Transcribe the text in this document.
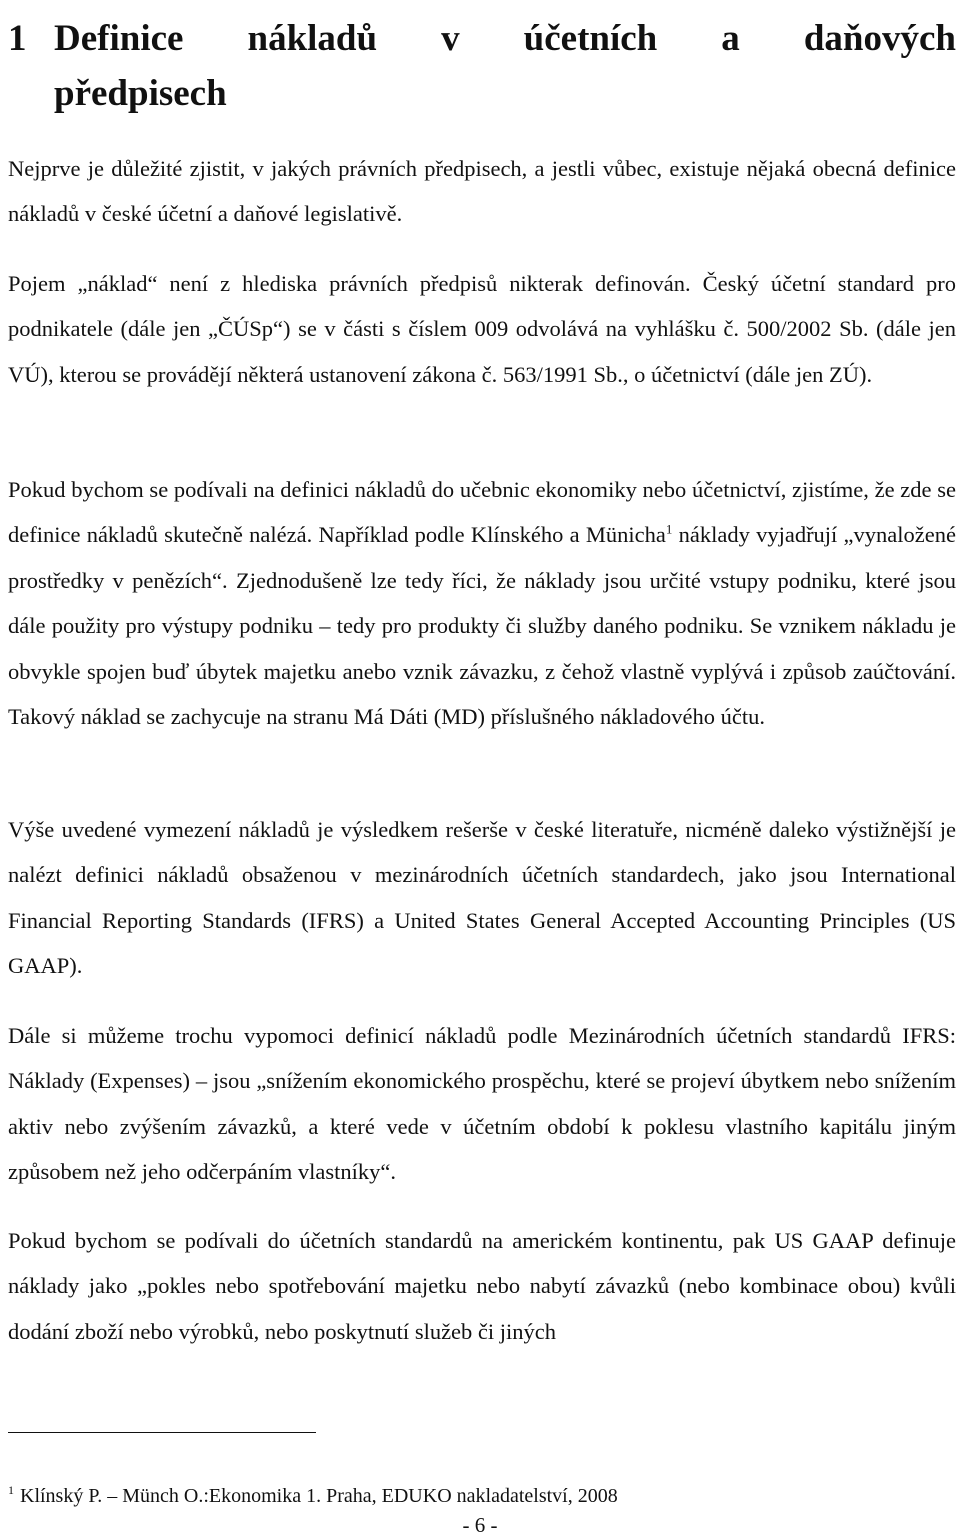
1 Definice nákladů v účetních a daňových
předpisech

Nejprve je důležité zjistit, v jakých právních předpisech, a jestli vůbec, existuje nějaká obecná definice nákladů v české účetní a daňové legislativě.

Pojem „náklad“ není z hlediska právních předpisů nikterak definován. Český účetní standard pro podnikatele (dále jen „ČÚSp“) se v části s číslem 009 odvolává na vyhlášku č. 500/2002 Sb. (dále jen VÚ), kterou se provádějí některá ustanovení zákona č. 563/1991 Sb., o účetnictví (dále jen ZÚ).

Pokud bychom se podívali na definici nákladů do učebnic ekonomiky nebo účetnictví, zjistíme, že zde se definice nákladů skutečně nalézá. Například podle Klínského a Münicha$^1$ náklady vyjadřují „vynaložené prostředky v penězích“. Zjednodušeně lze tedy říci, že náklady jsou určité vstupy podniku, které jsou dále použity pro výstupy podniku – tedy pro produkty či služby daného podniku. Se vznikem nákladu je obvykle spojen buď úbytek majetku anebo vznik závazku, z čehož vlastně vyplývá i způsob zaúčtování. Takový náklad se zachycuje na stranu Má Dáti (MD) příslušného nákladového účtu.

Výše uvedené vymezení nákladů je výsledkem rešerše v české literatuře, nicméně daleko výstižnější je nalézt definici nákladů obsaženou v mezinárodních účetních standardech, jako jsou International Financial Reporting Standards (IFRS) a United States General Accepted Accounting Principles (US GAAP).

Dále si můžeme trochu vypomoci definicí nákladů podle Mezinárodních účetních standardů IFRS: Náklady (Expenses) – jsou „snížením ekonomického prospěchu, které se projeví úbytkem nebo snížením aktiv nebo zvýšením závazků, a které vede v účetním období k poklesu vlastního kapitálu jiným způsobem než jeho odčerpáním vlastníky“.

Pokud bychom se podívali do účetních standardů na americkém kontinentu, pak US GAAP definuje náklady jako „pokles nebo spotřebování majetku nebo nabytí závazků (nebo kombinace obou) kvůli dodání zboží nebo výrobků, nebo poskytnutí služeb či jiných

$^1$ Klínský P. – Münch O.:Ekonomika 1. Praha, EDUKO nakladatelství, 2008

- 6 -
